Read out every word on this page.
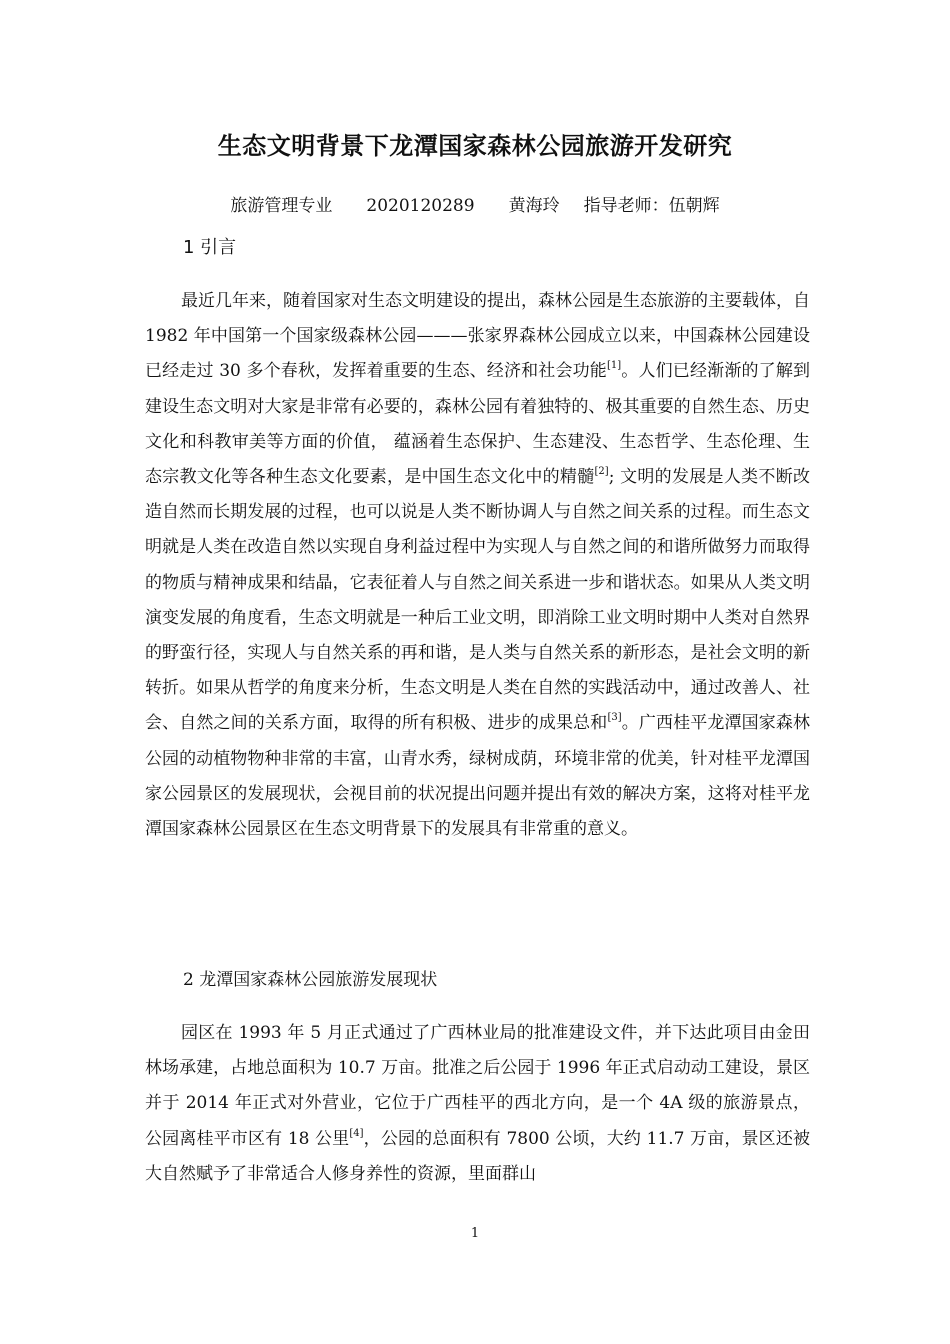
生态文明背景下龙潭国家森林公园旅游开发研究
旅游管理专业 2020120289 黄海玲 指导老师：伍朝辉
1 引言

最近几年来，随着国家对生态文明建设的提出，森林公园是生态旅游的主要载体，自 1982 年中国第一个国家级森林公园———张家界森林公园成立以来，中国森林公园建设已经走过 30 多个春秋，发挥着重要的生态、经济和社会功能[1]。人们已经渐渐的了解到建设生态文明对大家是非常有必要的，森林公园有着独特的、极其重要的自然生态、历史文化和科教审美等方面的价值， 蕴涵着生态保护、生态建没、生态哲学、生态伦理、生态宗教文化等各种生态文化要素，是中国生态文化中的精髓[2]; 文明的发展是人类不断改造自然而长期发展的过程，也可以说是人类不断协调人与自然之间关系的过程。而生态文明就是人类在改造自然以实现自身利益过程中为实现人与自然之间的和谐所做努力而取得的物质与精神成果和结晶，它表征着人与自然之间关系进一步和谐状态。如果从人类文明演变发展的角度看，生态文明就是一种后工业文明，即消除工业文明时期中人类对自然界的野蛮行径，实现人与自然关系的再和谐，是人类与自然关系的新形态，是社会文明的新转折。如果从哲学的角度来分析，生态文明是人类在自然的实践活动中，通过改善人、社会、自然之间的关系方面，取得的所有积极、进步的成果总和[3]。广西桂平龙潭国家森林公园的动植物物种非常的丰富，山青水秀，绿树成荫，环境非常的优美，针对桂平龙潭国家公园景区的发展现状，会视目前的状况提出问题并提出有效的解决方案，这将对桂平龙潭国家森林公园景区在生态文明背景下的发展具有非常重的意义。

2 龙潭国家森林公园旅游发展现状

园区在 1993 年 5 月正式通过了广西林业局的批准建设文件，并下达此项目由金田林场承建，占地总面积为 10.7 万亩。批准之后公园于 1996 年正式启动动工建设，景区并于 2014 年正式对外营业，它位于广西桂平的西北方向，是一个 4A 级的旅游景点，公园离桂平市区有 18 公里[4]，公园的总面积有 7800 公顷，大约 11.7 万亩，景区还被大自然赋予了非常适合人修身养性的资源，里面群山

1
